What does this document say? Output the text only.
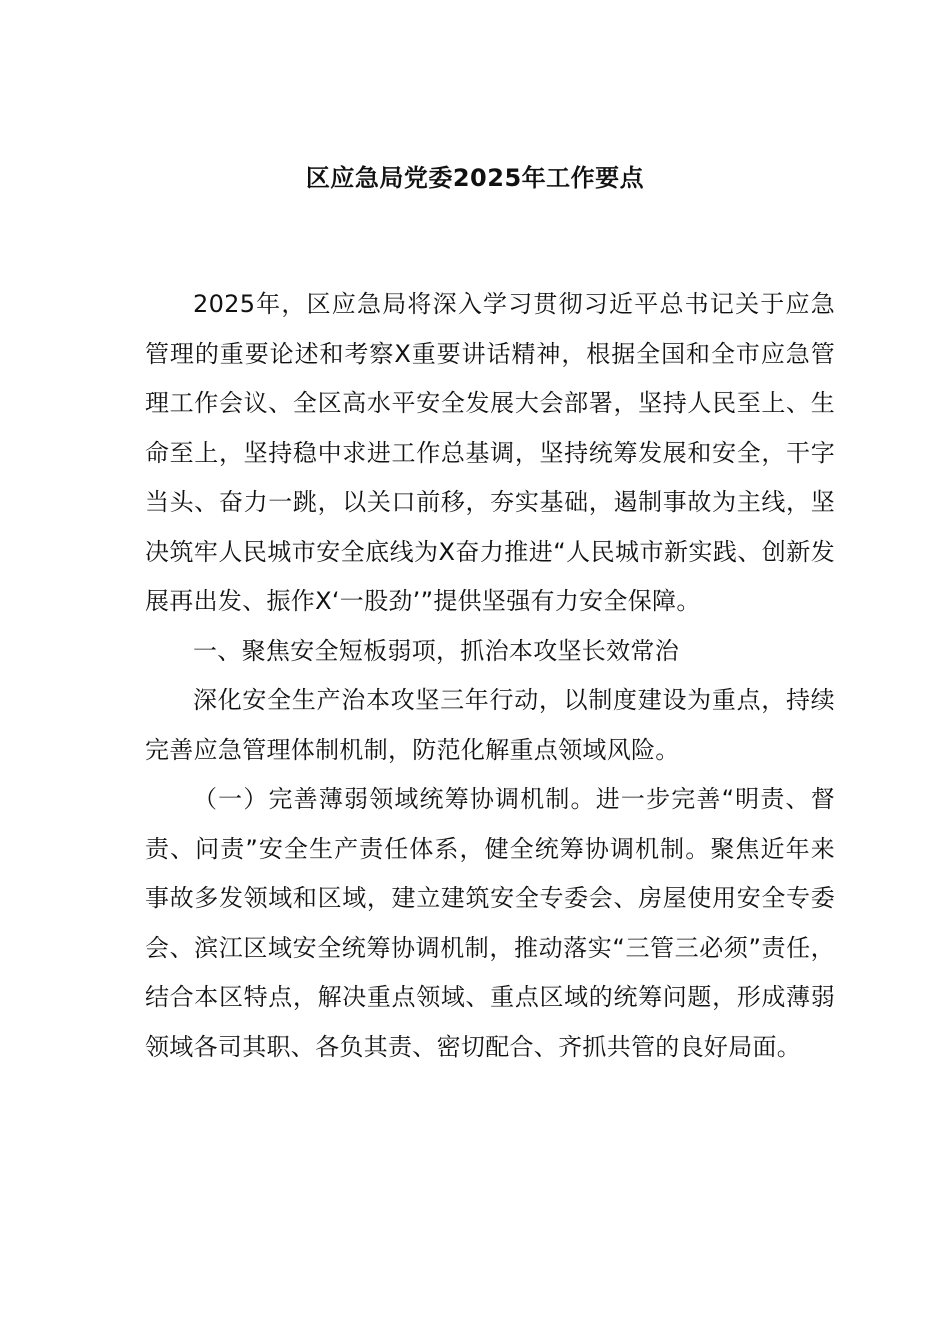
区应急局党委2025年工作要点

2025年，区应急局将深入学习贯彻习近平总书记关于应急管理的重要论述和考察X重要讲话精神，根据全国和全市应急管理工作会议、全区高水平安全发展大会部署，坚持人民至上、生命至上，坚持稳中求进工作总基调，坚持统筹发展和安全，干字当头、奋力一跳，以关口前移，夯实基础，遏制事故为主线，坚决筑牢人民城市安全底线为X奋力推进“人民城市新实践、创新发展再出发、振作X‘一股劲’”提供坚强有力安全保障。

一、聚焦安全短板弱项，抓治本攻坚长效常治

深化安全生产治本攻坚三年行动，以制度建设为重点，持续完善应急管理体制机制，防范化解重点领域风险。

（一）完善薄弱领域统筹协调机制。进一步完善“明责、督责、问责”安全生产责任体系，健全统筹协调机制。聚焦近年来事故多发领域和区域，建立建筑安全专委会、房屋使用安全专委会、滨江区域安全统筹协调机制，推动落实“三管三必须”责任，结合本区特点，解决重点领域、重点区域的统筹问题，形成薄弱领域各司其职、各负其责、密切配合、齐抓共管的良好局面。
